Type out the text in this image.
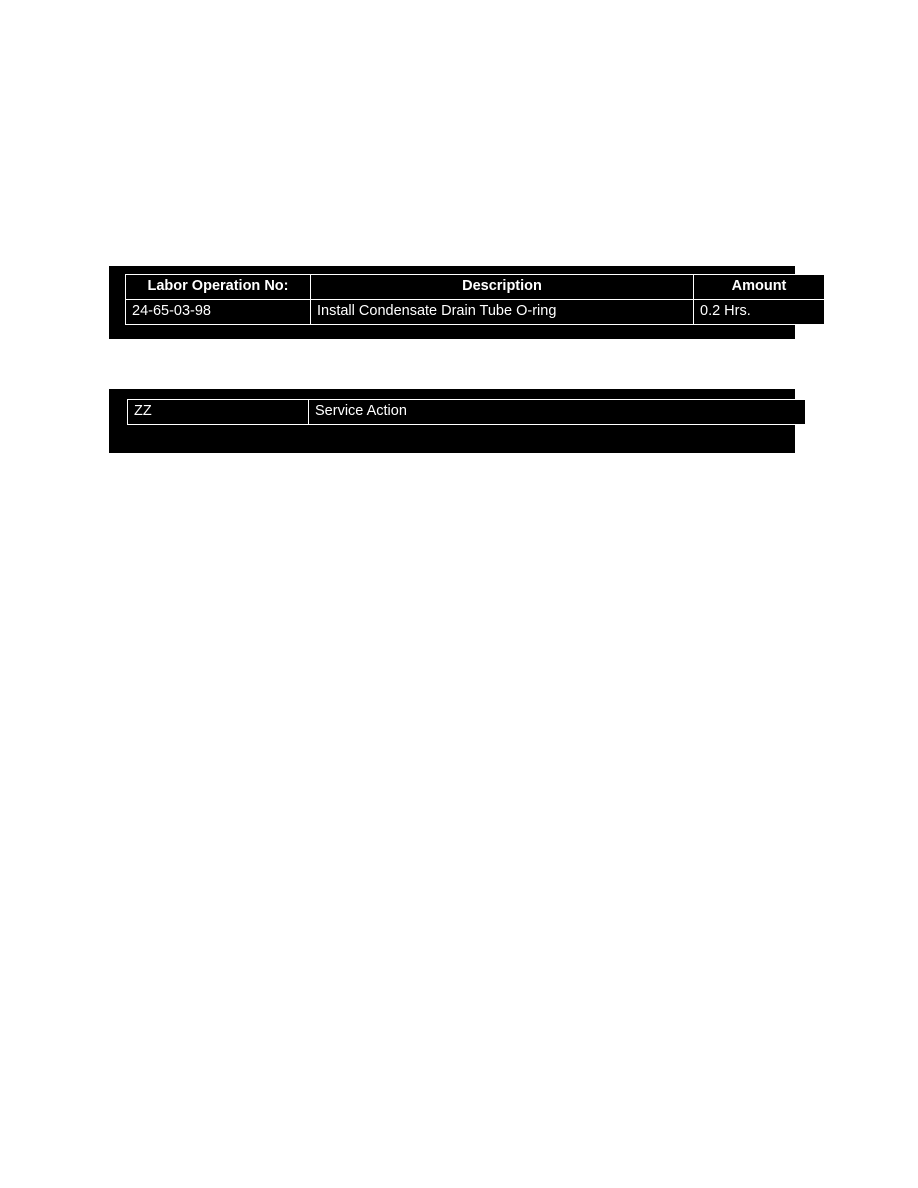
Labor Operation No:	Description	Amount
24-65-03-98	Install Condensate Drain Tube O-ring	0.2 Hrs.
ZZ	Service Action
